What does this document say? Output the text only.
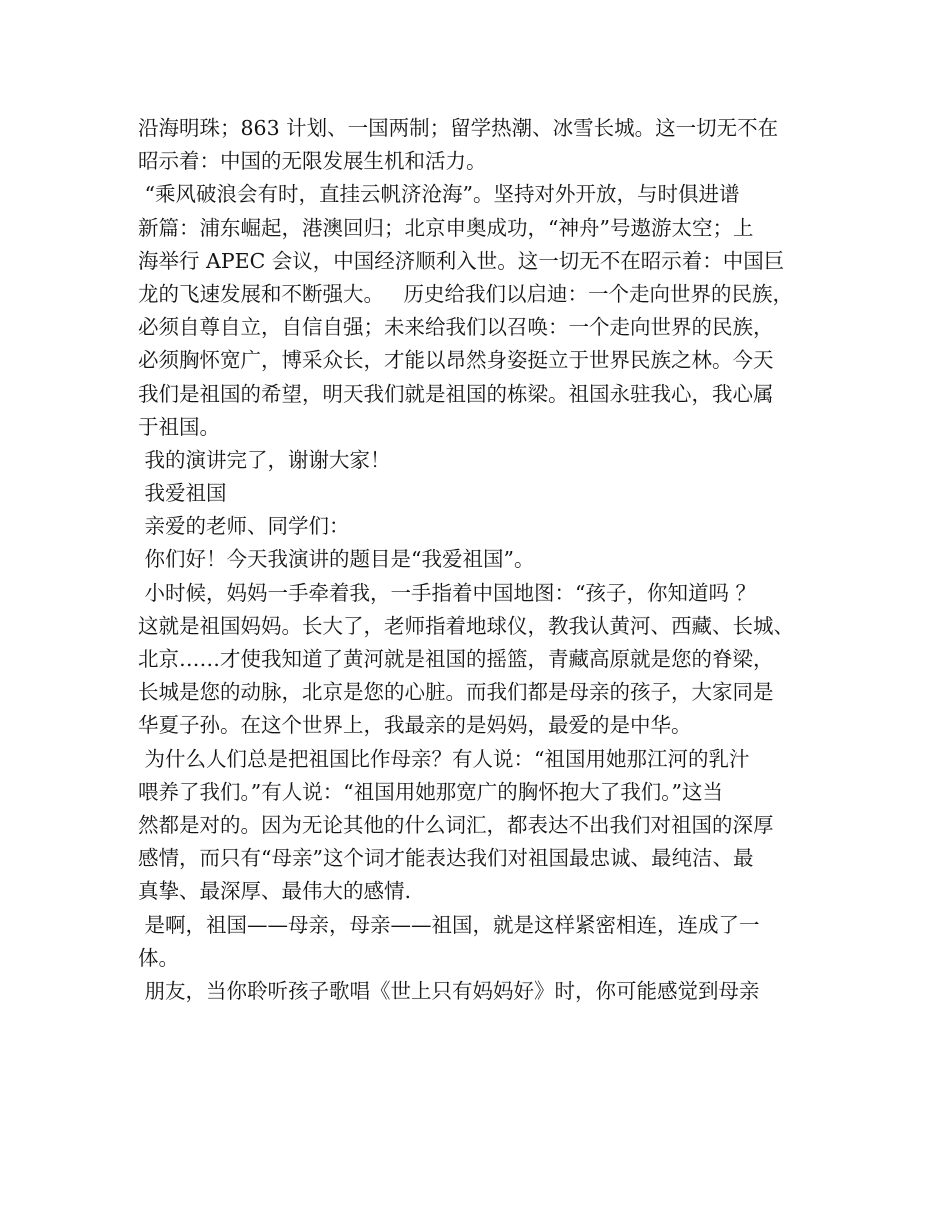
沿海明珠；863 计划、一国两制；留学热潮、冰雪长城。这一切无不在
昭示着：中国的无限发展生机和活力。
“乘风破浪会有时，直挂云帆济沧海”。坚持对外开放，与时俱进谱
新篇：浦东崛起，港澳回归；北京申奥成功，“神舟”号遨游太空；上
海举行 APEC 会议，中国经济顺利入世。这一切无不在昭示着：中国巨
龙的飞速发展和不断强大。   历史给我们以启迪：一个走向世界的民族，
必须自尊自立，自信自强；未来给我们以召唤：一个走向世界的民族，
必须胸怀宽广，博采众长，才能以昂然身姿挺立于世界民族之林。今天
我们是祖国的希望，明天我们就是祖国的栋梁。祖国永驻我心，我心属
于祖国。
我的演讲完了，谢谢大家！
我爱祖国
亲爱的老师、同学们：
你们好！今天我演讲的题目是“我爱祖国”。
小时候，妈妈一手牵着我，一手指着中国地图：“孩子，你知道吗 ？
这就是祖国妈妈。长大了，老师指着地球仪，教我认黄河、西藏、长城、
北京……才使我知道了黄河就是祖国的摇篮，青藏高原就是您的脊梁，
长城是您的动脉，北京是您的心脏。而我们都是母亲的孩子，大家同是
华夏子孙。在这个世界上，我最亲的是妈妈，最爱的是中华。
为什么人们总是把祖国比作母亲？有人说：“祖国用她那江河的乳汁
喂养了我们。”有人说：“祖国用她那宽广的胸怀抱大了我们。”这当
然都是对的。因为无论其他的什么词汇，都表达不出我们对祖国的深厚
感情，而只有“母亲”这个词才能表达我们对祖国最忠诚、最纯洁、最
真挚、最深厚、最伟大的感情.
是啊，祖国——母亲，母亲——祖国，就是这样紧密相连，连成了一
体。
朋友，当你聆听孩子歌唱《世上只有妈妈好》时，你可能感觉到母亲
